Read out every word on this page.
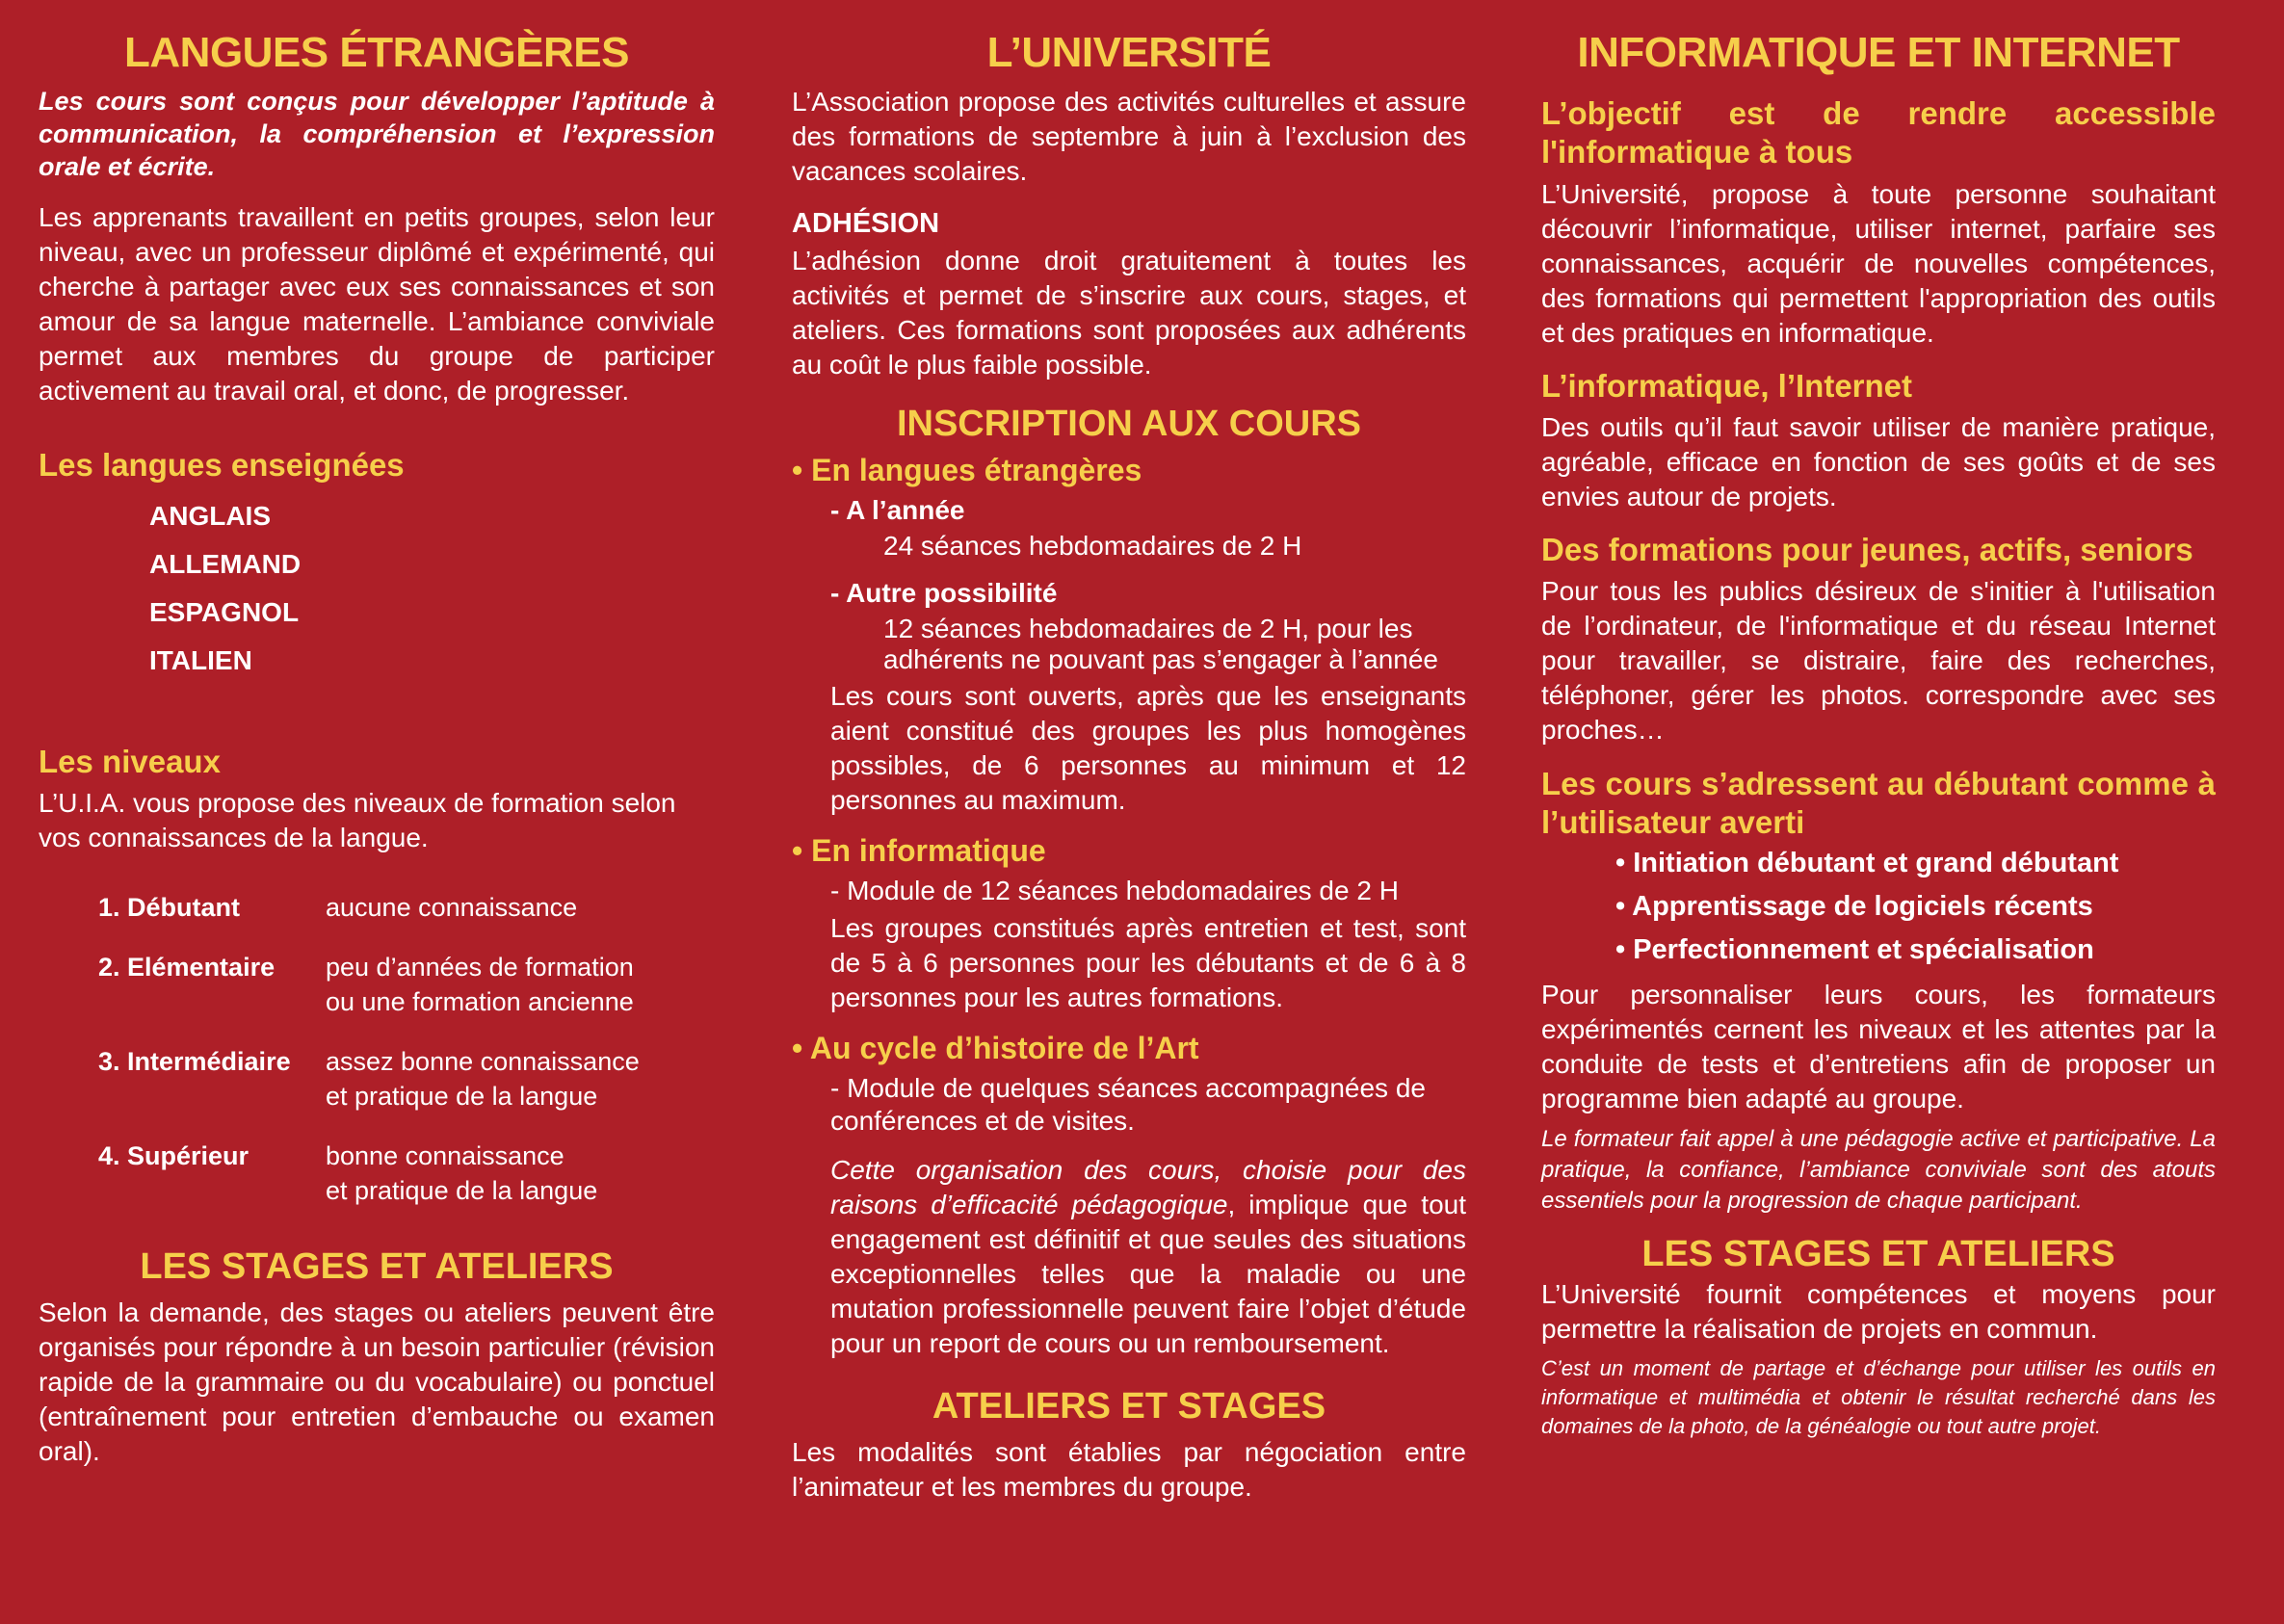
LANGUES ÉTRANGÈRES

Les cours sont conçus pour développer l’aptitude à communication, la compréhension et l’expression orale et écrite.

Les apprenants travaillent en petits groupes, selon leur niveau, avec un professeur diplômé et expérimenté, qui cherche à partager avec eux ses connaissances et son amour de sa langue maternelle. L’ambiance conviviale permet aux membres du groupe de participer activement au travail oral, et donc, de progresser.

Les langues enseignées
ANGLAIS
ALLEMAND
ESPAGNOL
ITALIEN
Les niveaux

L’U.I.A. vous propose des niveaux de formation selon vos connaissances de la langue.

1. Débutant	aucune connaissance
2. Elémentaire	peu d’années de formation
ou une formation ancienne
3. Intermédiaire	assez bonne connaissance
et pratique de la langue
4. Supérieur	bonne connaissance
et pratique de la langue
LES STAGES ET ATELIERS

Selon la demande, des stages ou ateliers peuvent être organisés pour répondre à un besoin particulier (révision rapide de la grammaire ou du vocabulaire) ou ponctuel (entraînement pour entretien d’embauche ou examen oral).

L’UNIVERSITÉ

L’Association propose des activités culturelles et assure des formations de septembre à juin à l’exclusion des vacances scolaires.

ADHÉSION

L’adhésion donne droit gratuitement à toutes les activités et permet de s’inscrire aux cours, stages, et ateliers. Ces formations sont proposées aux adhérents au coût le plus faible possible.

INSCRIPTION AUX COURS
• En langues étrangères
- A l’année
24 séances hebdomadaires de 2 H
- Autre possibilité
12 séances hebdomadaires de 2 H, pour les adhérents ne pouvant pas s’engager à l’année
Les cours sont ouverts, après que les enseignants aient constitué des groupes les plus homogènes possibles, de 6 personnes au minimum et 12 personnes au maximum.
• En informatique
- Module de 12 séances hebdomadaires de 2 H
Les groupes constitués après entretien et test, sont de 5 à 6 personnes pour les débutants et de 6 à 8 personnes pour les autres formations.
• Au cycle d’histoire de l’Art
- Module de quelques séances accompagnées de conférences et de visites.
Cette organisation des cours, choisie pour des raisons d’efficacité pédagogique, implique que tout engagement est définitif et que seules des situations exceptionnelles telles que la maladie ou une mutation professionnelle peuvent faire l’objet d’étude pour un report de cours ou un remboursement.
ATELIERS ET STAGES

Les modalités sont établies par négociation entre l’animateur et les membres du groupe.

INFORMATIQUE ET INTERNET
L’objectif est de rendre accessible l'informatique à tous

L’Université, propose à toute personne souhaitant découvrir l’informatique, utiliser internet, parfaire ses connaissances, acquérir de nouvelles compétences, des formations qui permettent l'appropriation des outils et des pratiques en informatique.

L’informatique, l’Internet

Des outils qu’il faut savoir utiliser de manière pratique, agréable, efficace en fonction de ses goûts et de ses envies autour de projets.

Des formations pour jeunes, actifs, seniors

Pour tous les publics désireux de s'initier à l'utilisation de l’ordinateur, de l'informatique et du réseau Internet pour travailler, se distraire, faire des recherches, téléphoner, gérer les photos. correspondre avec ses proches…

Les cours s’adressent au débutant comme à l’utilisateur averti
• Initiation débutant et grand débutant
• Apprentissage de logiciels récents
• Perfectionnement et spécialisation

Pour personnaliser leurs cours, les formateurs expérimentés cernent les niveaux et les attentes par la conduite de tests et d’entretiens afin de proposer un programme bien adapté au groupe.

Le formateur fait appel à une pédagogie active et participative. La pratique, la confiance, l’ambiance conviviale sont des atouts essentiels pour la progression de chaque participant.

LES STAGES ET ATELIERS

L’Université fournit compétences et moyens pour permettre la réalisation de projets en commun.

C’est un moment de partage et d’échange pour utiliser les outils en informatique et multimédia et obtenir le résultat recherché dans les domaines de la photo, de la généalogie ou tout autre projet.
